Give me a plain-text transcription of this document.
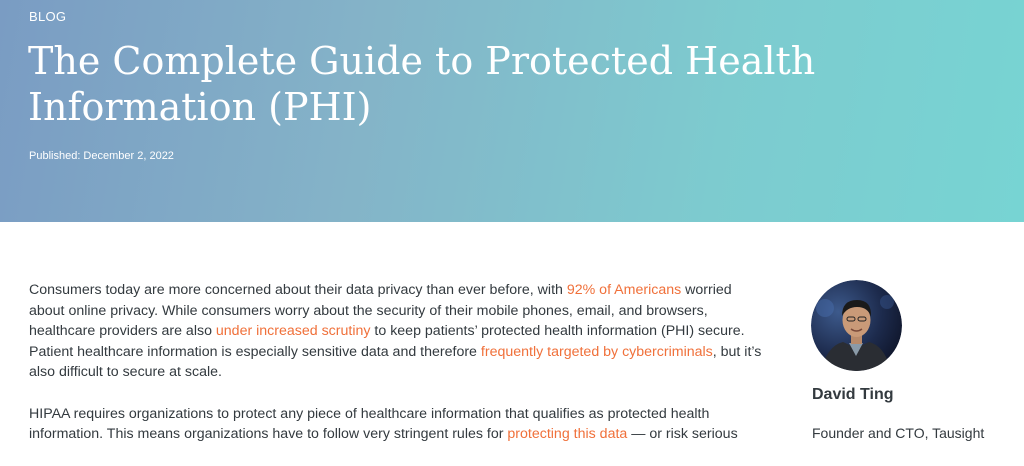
BLOG
The Complete Guide to Protected Health Information (PHI)
Published: December 2, 2022

Consumers today are more concerned about their data privacy than ever before, with 92% of Americans worried about online privacy. While consumers worry about the security of their mobile phones, email, and browsers, healthcare providers are also under increased scrutiny to keep patients’ protected health information (PHI) secure. Patient healthcare information is especially sensitive data and therefore frequently targeted by cybercriminals, but it’s also difficult to secure at scale.

HIPAA requires organizations to protect any piece of healthcare information that qualifies as protected health information. This means organizations have to follow very stringent rules for protecting this data — or risk serious

David Ting
Founder and CTO, Tausight
